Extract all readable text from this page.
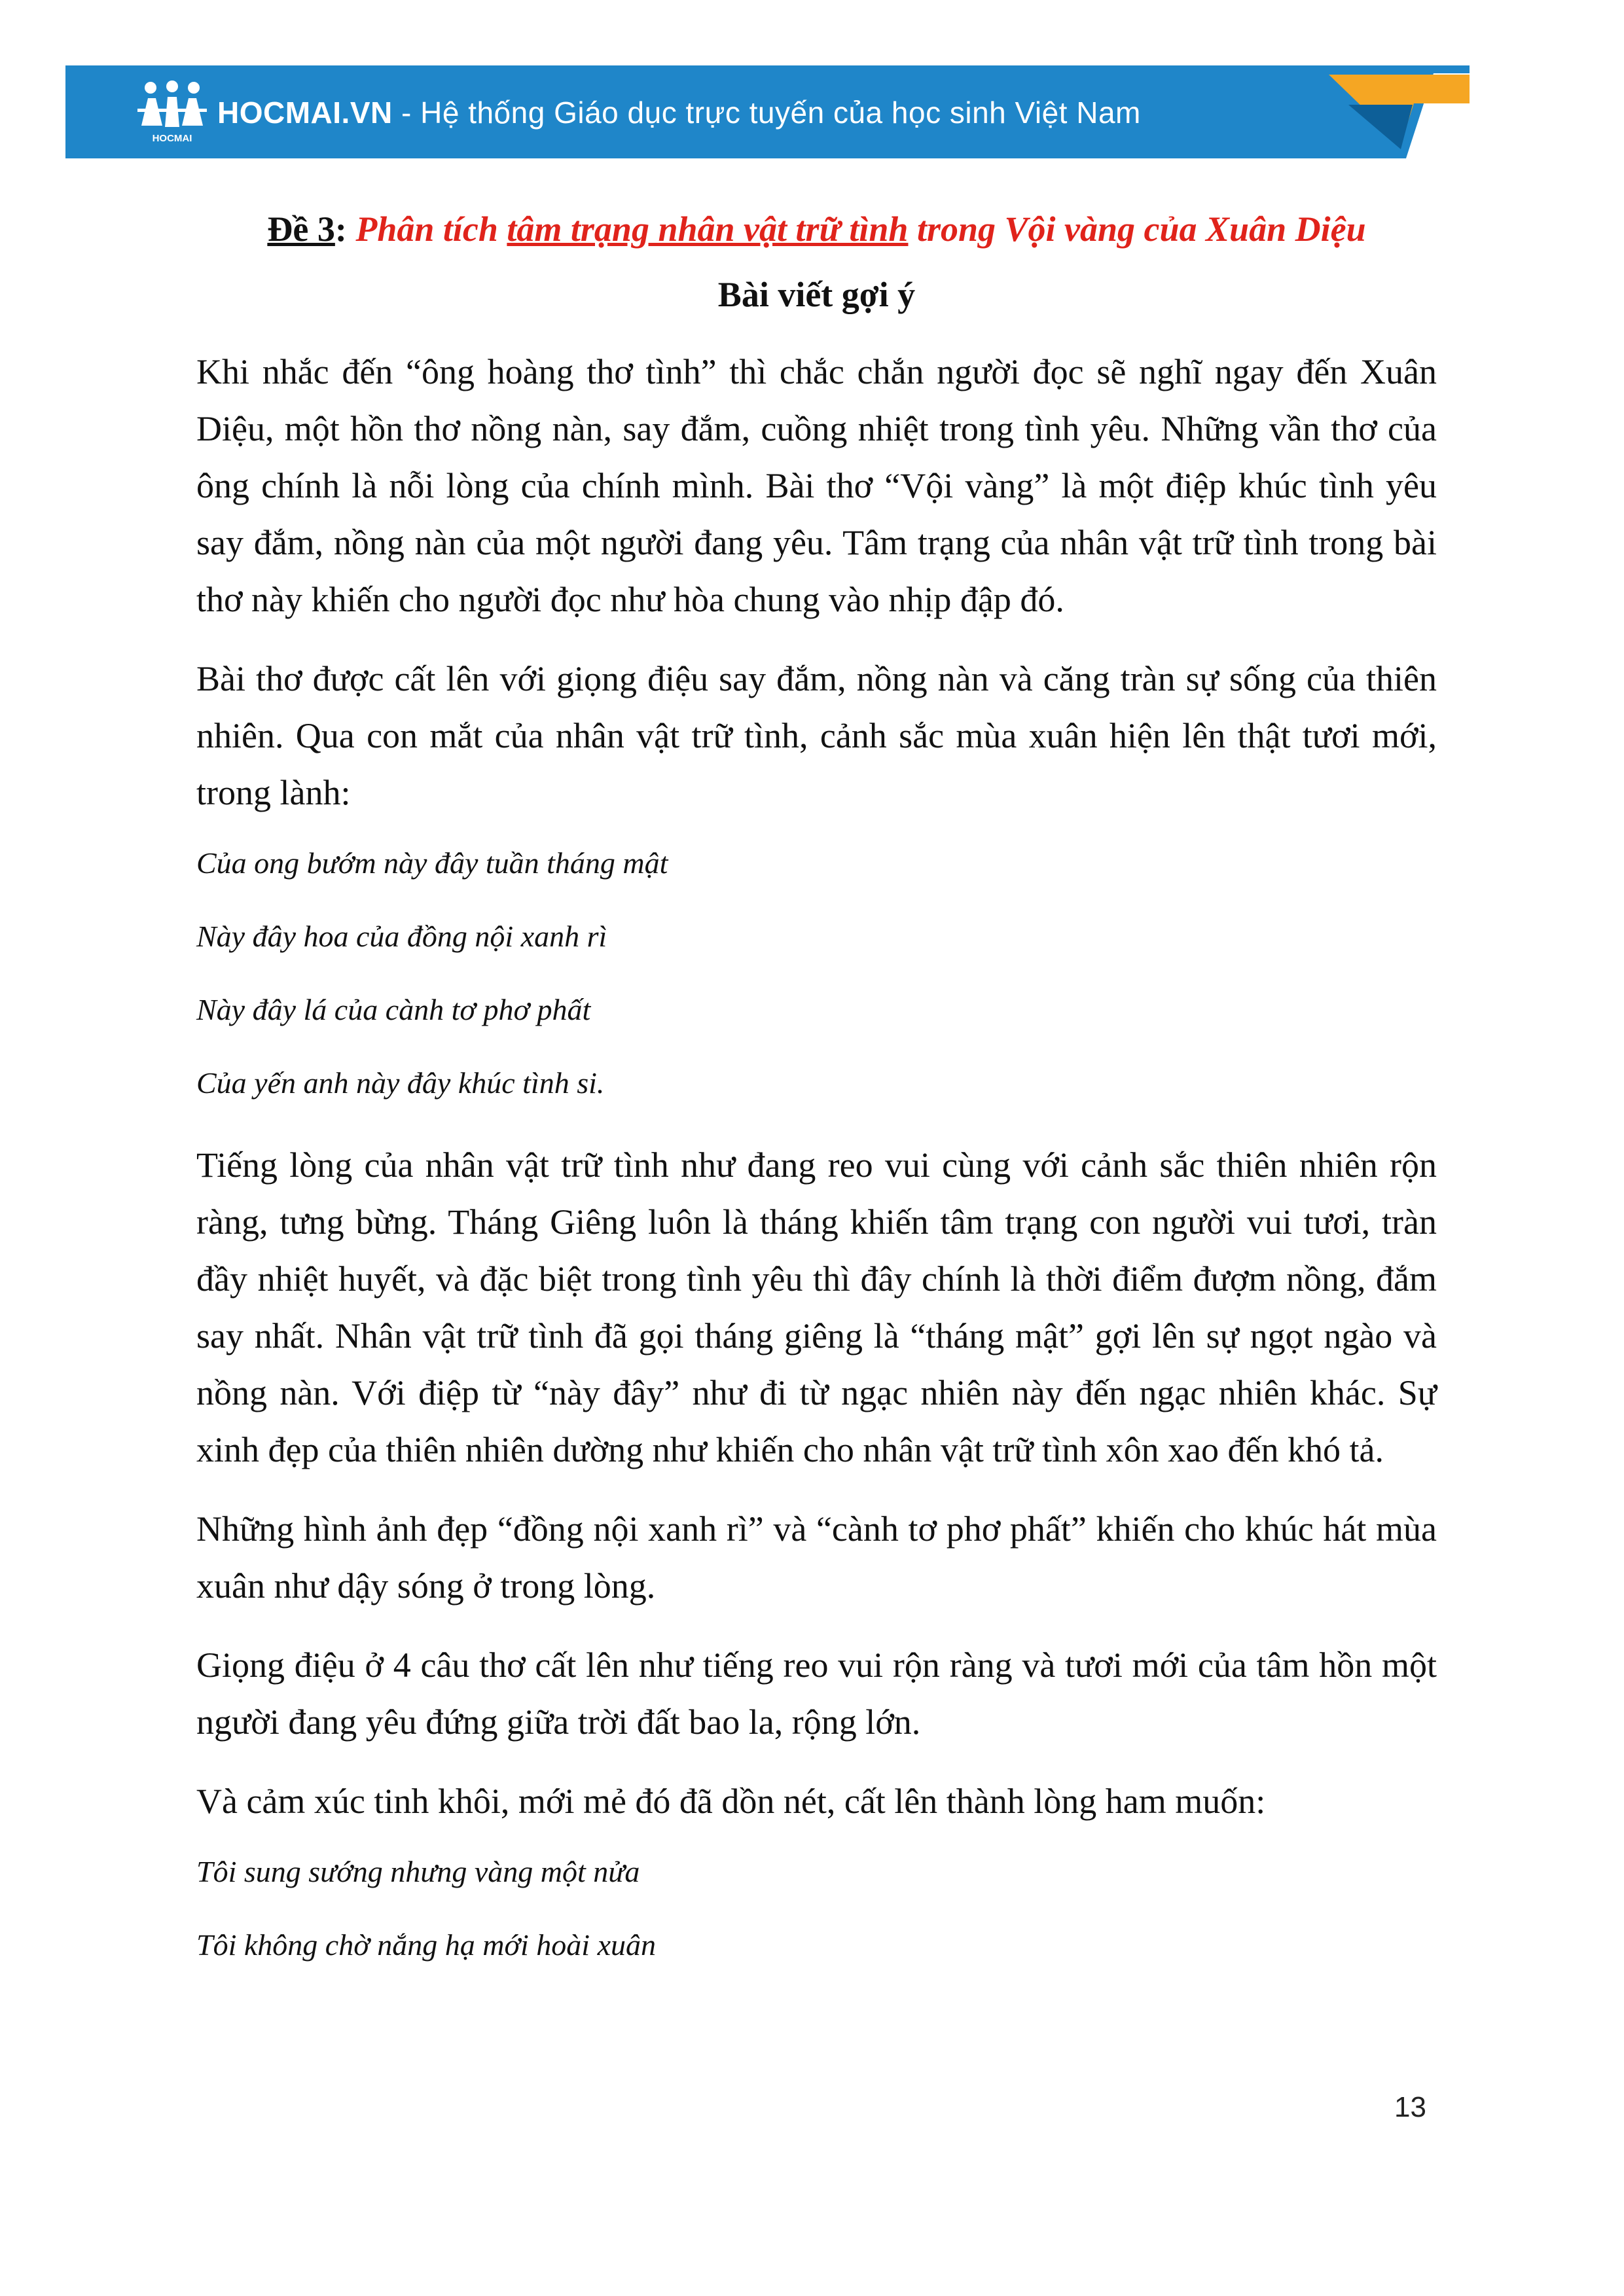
HOCMAI
HOCMAI.VN - Hệ thống Giáo dục trực tuyến của học sinh Việt Nam
Đề 3: Phân tích tâm trạng nhân vật trữ tình trong Vội vàng của Xuân Diệu
Bài viết gợi ý

Khi nhắc đến “ông hoàng thơ tình” thì chắc chắn người đọc sẽ nghĩ ngay đến Xuân Diệu, một hồn thơ nồng nàn, say đắm, cuồng nhiệt trong tình yêu. Những vần thơ của ông chính là nỗi lòng của chính mình. Bài thơ “Vội vàng” là một điệp khúc tình yêu say đắm, nồng nàn của một người đang yêu. Tâm trạng của nhân vật trữ tình trong bài thơ này khiến cho người đọc như hòa chung vào nhịp đập đó.

Bài thơ được cất lên với giọng điệu say đắm, nồng nàn và căng tràn sự sống của thiên nhiên. Qua con mắt của nhân vật trữ tình, cảnh sắc mùa xuân hiện lên thật tươi mới, trong lành:

Của ong bướm này đây tuần tháng mật

Này đây hoa của đồng nội xanh rì

Này đây lá của cành tơ phơ phất

Của yến anh này đây khúc tình si.

Tiếng lòng của nhân vật trữ tình như đang reo vui cùng với cảnh sắc thiên nhiên rộn ràng, tưng bừng. Tháng Giêng luôn là tháng khiến tâm trạng con người vui tươi, tràn đầy nhiệt huyết, và đặc biệt trong tình yêu thì đây chính là thời điểm đượm nồng, đắm say nhất. Nhân vật trữ tình đã gọi tháng giêng là “tháng mật” gợi lên sự ngọt ngào và nồng nàn. Với điệp từ “này đây” như đi từ ngạc nhiên này đến ngạc nhiên khác. Sự xinh đẹp của thiên nhiên dường như khiến cho nhân vật trữ tình xôn xao đến khó tả.

Những hình ảnh đẹp “đồng nội xanh rì” và “cành tơ phơ phất” khiến cho khúc hát mùa xuân như dậy sóng ở trong lòng.

Giọng điệu ở 4 câu thơ cất lên như tiếng reo vui rộn ràng và tươi mới của tâm hồn một người đang yêu đứng giữa trời đất bao la, rộng lớn.

Và cảm xúc tinh khôi, mới mẻ đó đã dồn nét, cất lên thành lòng ham muốn:

Tôi sung sướng nhưng vàng một nửa

Tôi không chờ nắng hạ mới hoài xuân

13
